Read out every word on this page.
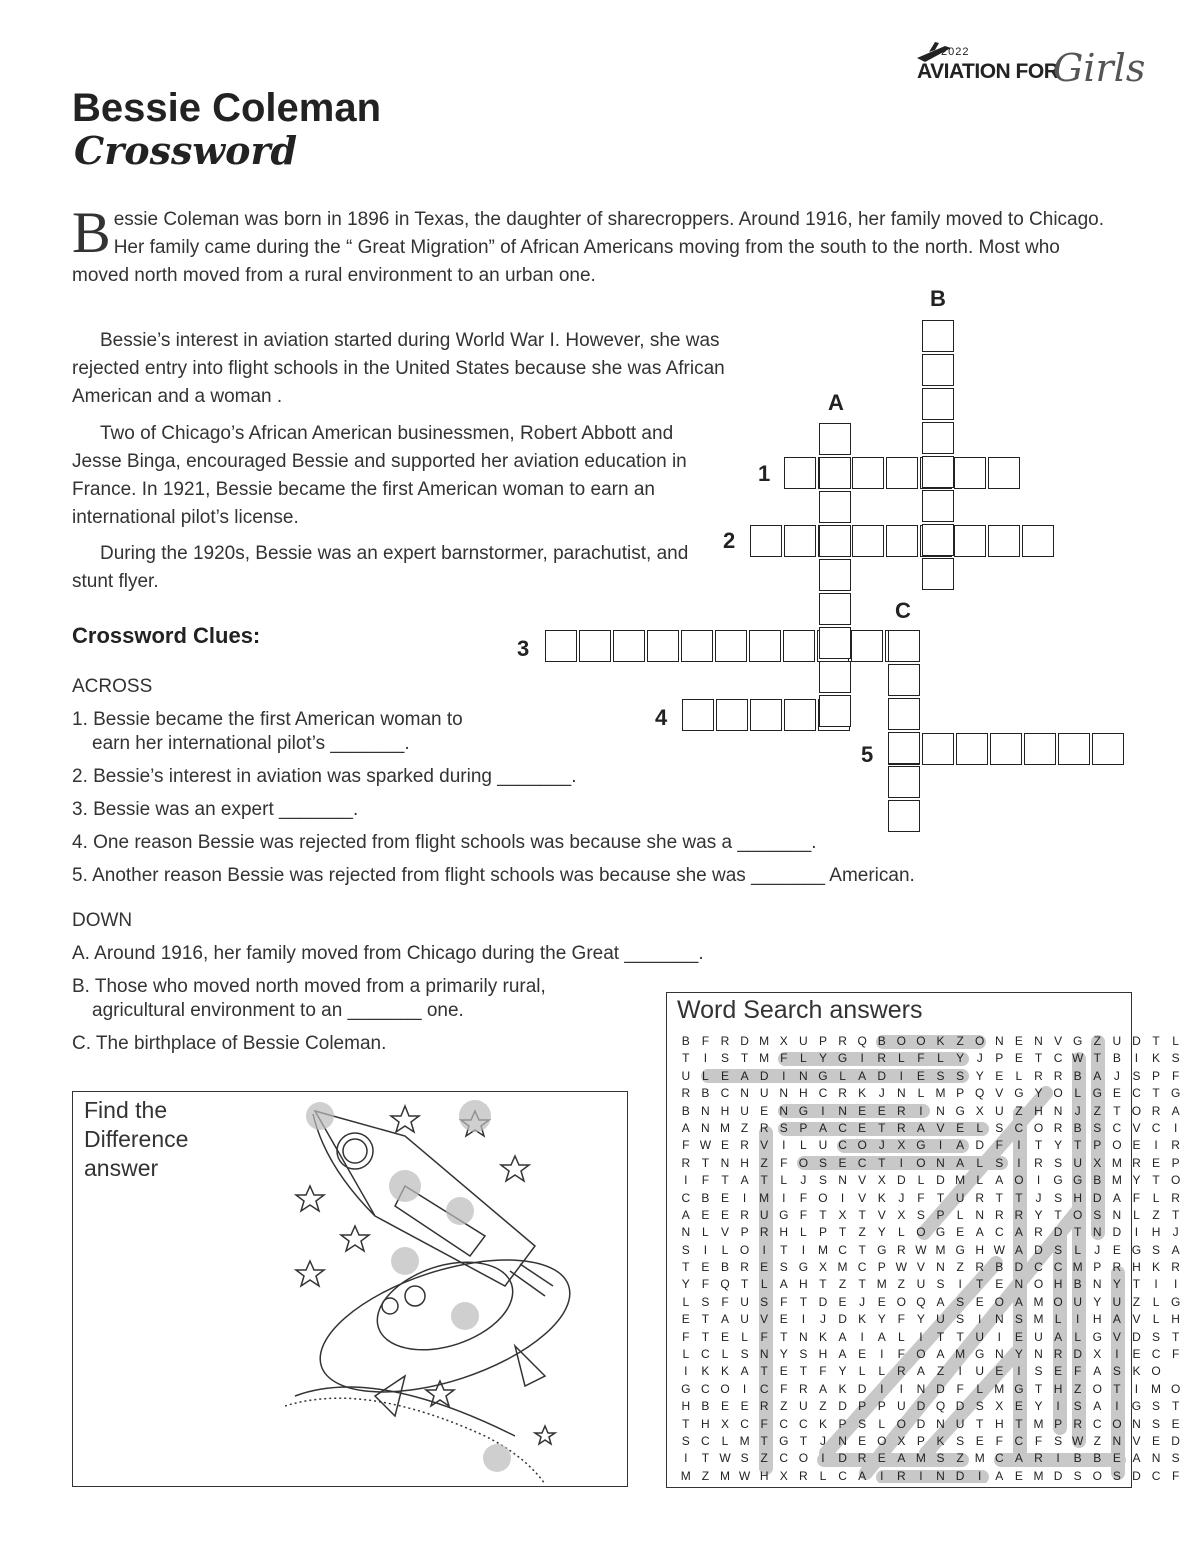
2022
AVIATION FOR
Girls
Bessie Coleman
Crossword
B essie Coleman was born in 1896 in Texas, the daughter of sharecroppers. Around 1916, her family moved to Chicago. Her family came during the “ Great Migration” of African Americans moving from the south to the north. Most who moved north moved from a rural environment to an urban one.
Bessie’s interest in aviation started during World War I. However, she was rejected entry into flight schools in the United States because she was African American and a woman .
Two of Chicago’s African American businessmen, Robert Abbott and Jesse Binga, encouraged Bessie and supported her aviation education in France. In 1921, Bessie became the first American woman to earn an international pilot’s license.
During the 1920s, Bessie was an expert barnstormer, parachutist, and stunt flyer.
Crossword Clues:
ACROSS
1. Bessie became the first American woman to
earn her international pilot’s _______.
2. Bessie’s interest in aviation was sparked during _______.
3. Bessie was an expert _______.
4. One reason Bessie was rejected from flight schools was because she was a _______.
5. Another reason Bessie was rejected from flight schools was because she was _______ American.
DOWN
A. Around 1916, her family moved from Chicago during the Great _______.
B. Those who moved north moved from a primarily rural,
agricultural environment to an _______ one.
C. The birthplace of Bessie Coleman.
B
A
C
1
2
3
4
5
Find the Difference answer
Word Search answers
B F R D M X U P R Q B O O K Z O N E N V G Z U D T L
T I S T M F L Y G I R L F L Y J P E T C W T B I K S
U L E A D I N G L A D I E S S Y E L R R B A J S P F
R B C N U N H C R K J N L M P Q V G Y O L G E C T G
B N H U E N G I N E E R I N G X U Z H N J Z T O R A
A N M Z R S P A C E T R A V E L S C O R B S C V C I
F W E R V I L U C O J X G I A D F I T Y T P O E I R
R T N H Z F O S E C T I O N A L S I R S U X M R E P
I F T A T L J S N V X D L D M L A O I G G B M Y T O
C B E I M I F O I V K J F T U R T T J S H D A F L R
A E E R U G F T X T V X S P L N R R Y T O S N L Z T
N L V P R H L P T Z Y L O G E A C A R D T N D I H J
S I L O I T I M C T G R W M G H W A D S L J E G S A
T E B R E S G X M C P W V N Z R B D C C M P R H K R
Y F Q T L A H T Z T M Z U S I T E N O H B N Y T I I
L S F U S F T D E J E O Q A S E O A M O U Y U Z L G
E T A U V E I J D K Y F Y U S I N S M L I H A V L H
F T E L F T N K A I A L I T T U I E U A L G V D S T
L C L S N Y S H A E I F O A M G N Y N R D X I E C F
I K K A T E T F Y L L R A Z I U E I S E F A S K O
G C O I C F R A K D I I N D F L M G T H Z O T I M O
H B E E R Z U Z D P P U D Q D S X E Y I S A I G S T
T H X C F C C K P S L O D N U T H T M P R C O N S E
S C L M T G T J N E O X P K S E F C F S W Z N V E D
I T W S Z C O I D R E A M S Z M C A R I B B E A N S
M Z M W H X R L C A I R I N D I A E M D S O S D C F
